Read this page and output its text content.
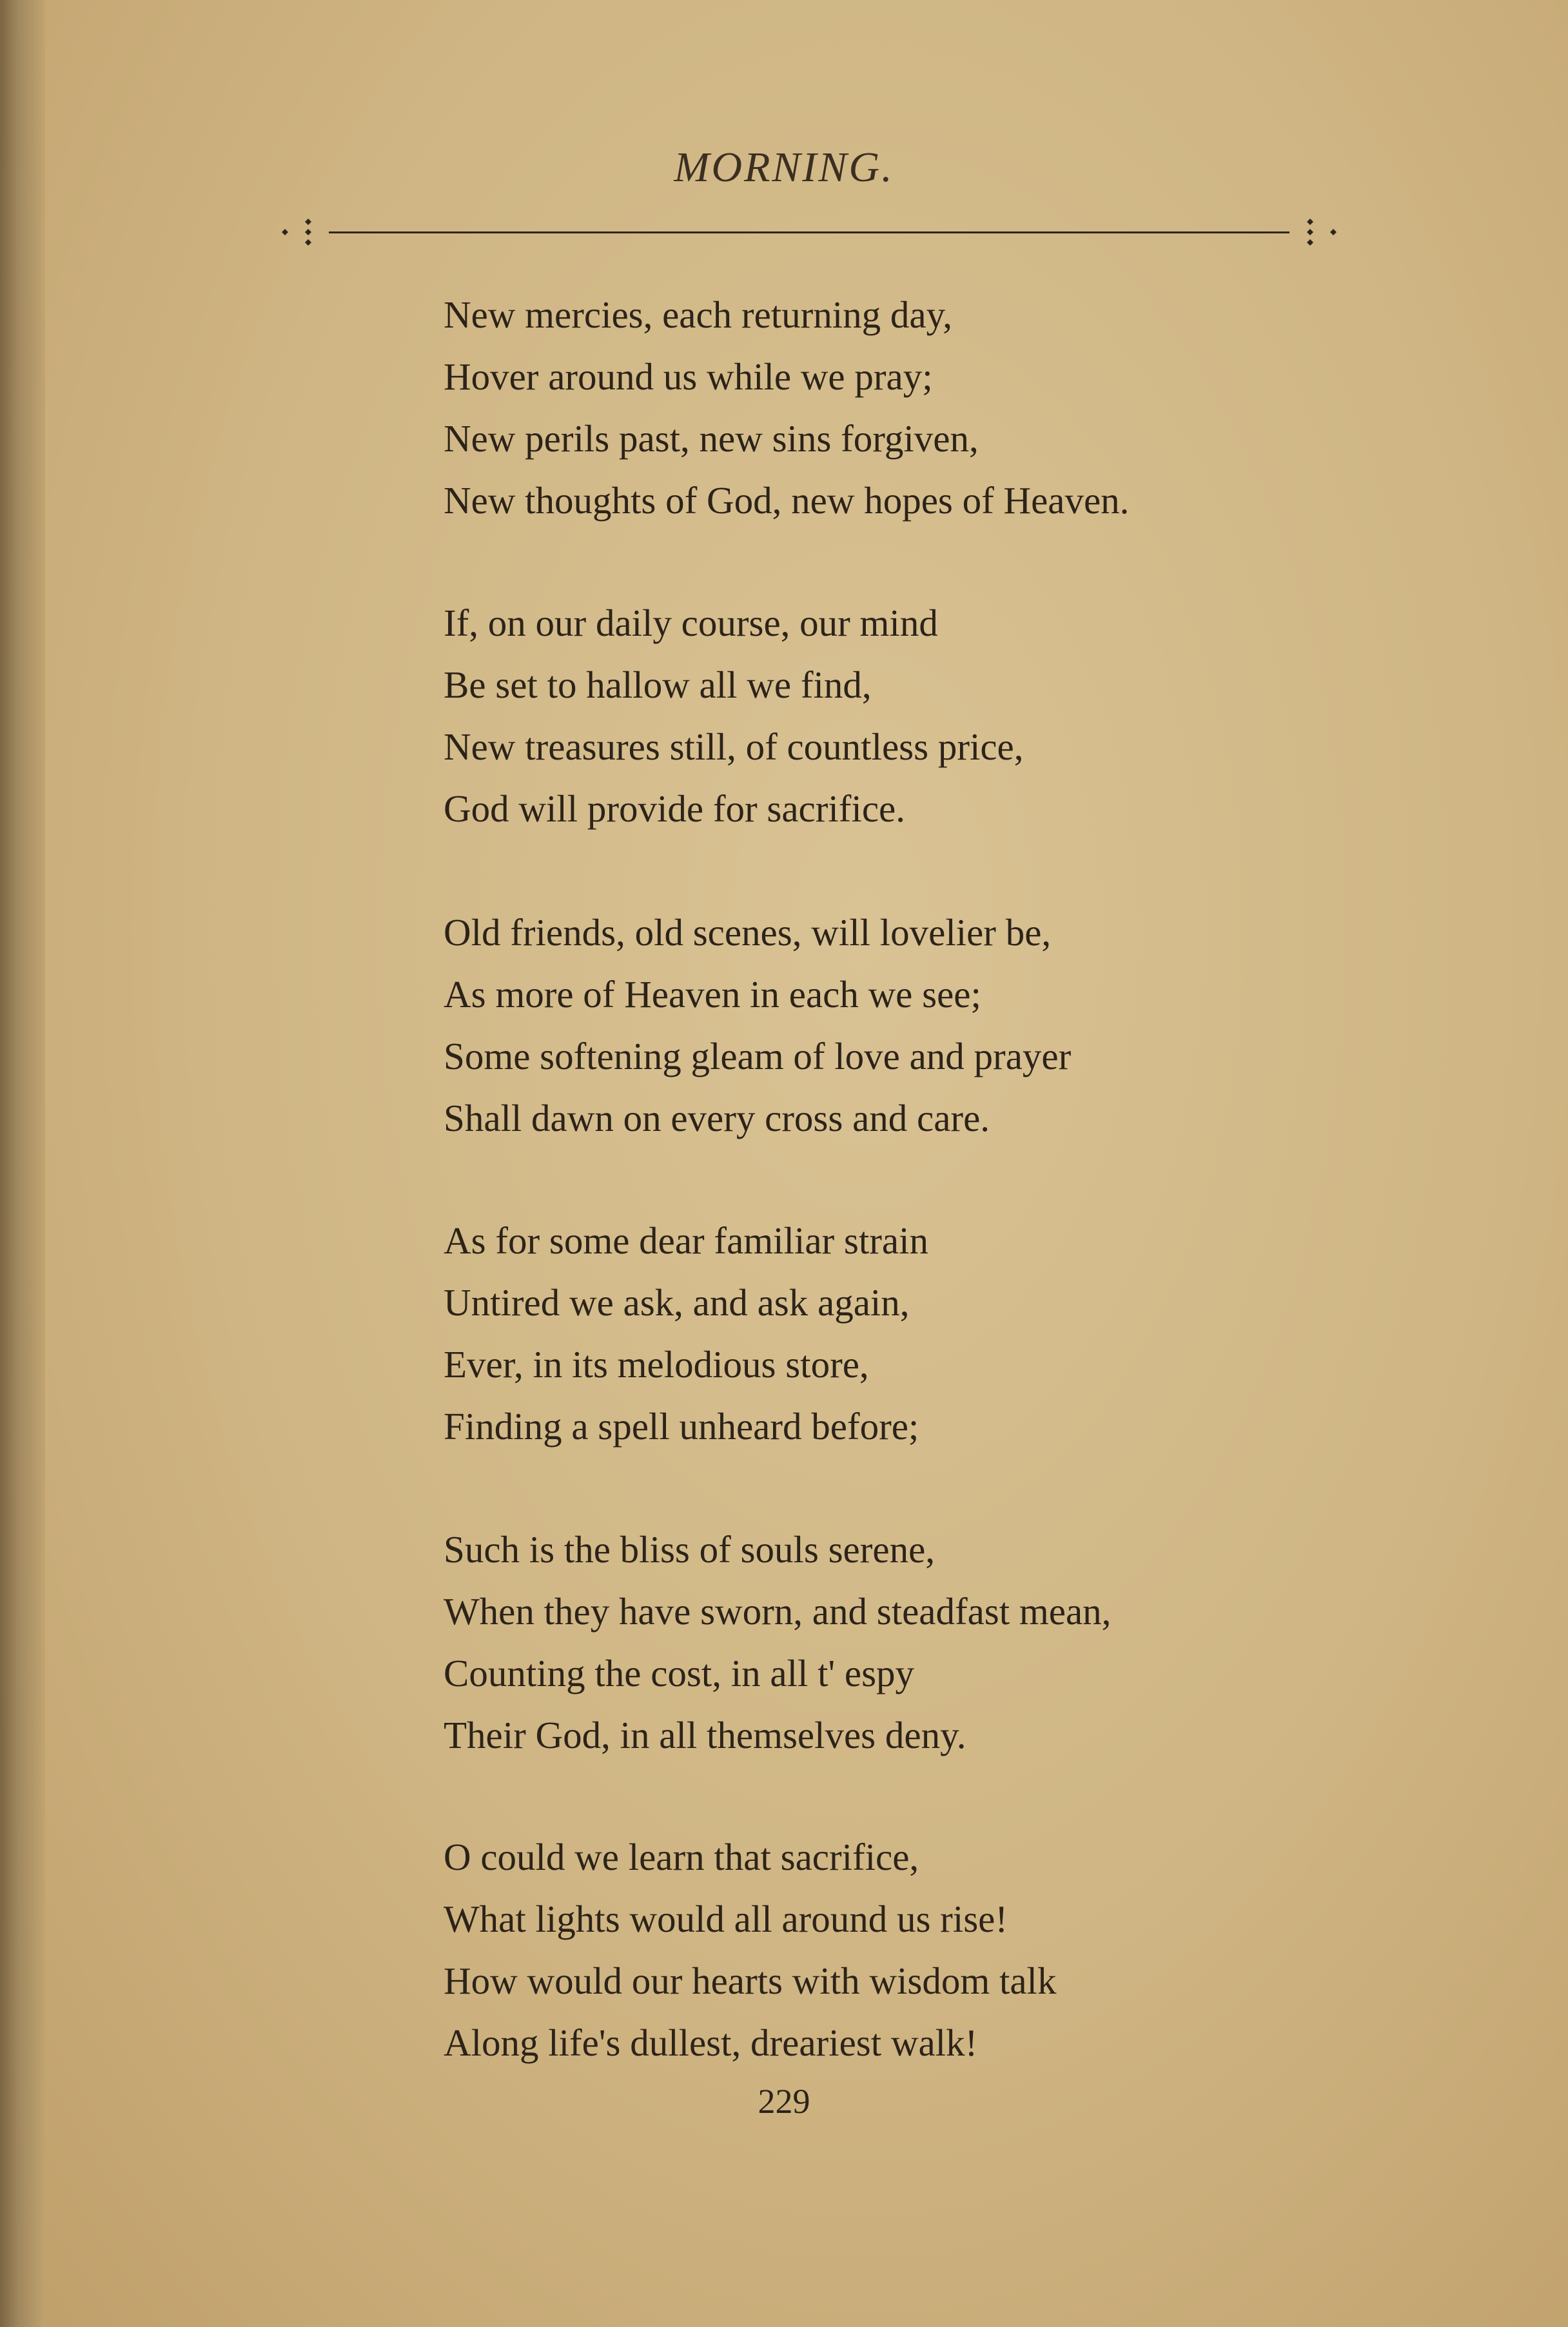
MORNING.
New mercies, each returning day,
Hover around us while we pray;
New perils past, new sins forgiven,
New thoughts of God, new hopes of Heaven.
If, on our daily course, our mind
Be set to hallow all we find,
New treasures still, of countless price,
God will provide for sacrifice.
Old friends, old scenes, will lovelier be,
As more of Heaven in each we see;
Some softening gleam of love and prayer
Shall dawn on every cross and care.
As for some dear familiar strain
Untired we ask, and ask again,
Ever, in its melodious store,
Finding a spell unheard before;
Such is the bliss of souls serene,
When they have sworn, and steadfast mean,
Counting the cost, in all t' espy
Their God, in all themselves deny.
O could we learn that sacrifice,
What lights would all around us rise!
How would our hearts with wisdom talk
Along life's dullest, dreariest walk!
229
